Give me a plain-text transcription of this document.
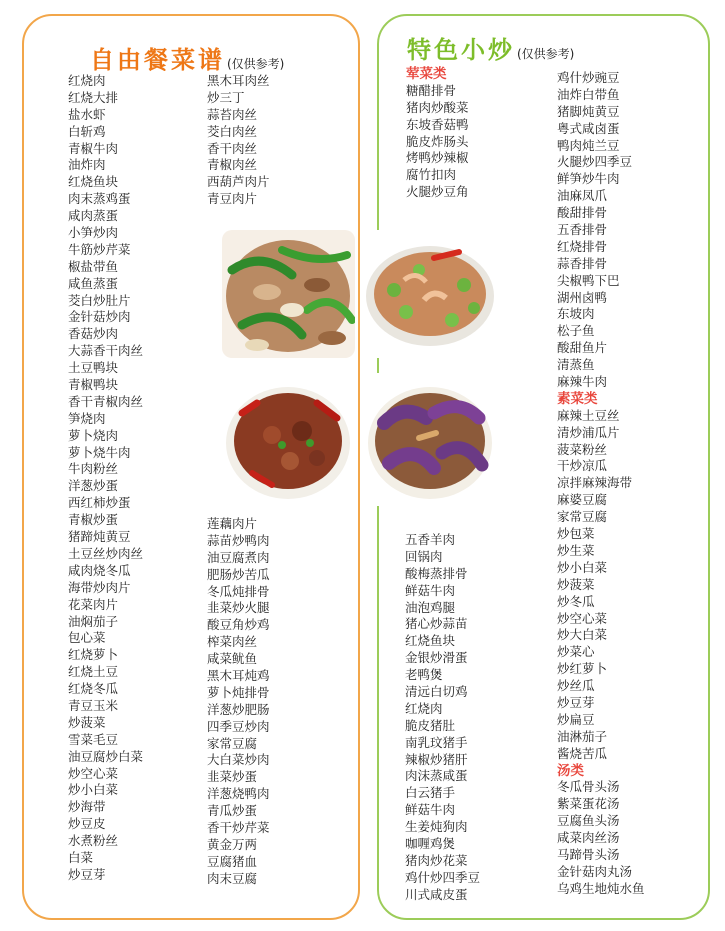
自由餐菜谱 (仅供参考)	特色小炒 (仅供参考)
红烧肉
红烧大排
盐水虾
白斩鸡
青椒牛肉
油炸肉
红烧鱼块
肉末蒸鸡蛋
咸肉蒸蛋
小笋炒肉
牛筋炒芹菜
椒盐带鱼
咸鱼蒸蛋
茭白炒肚片
金针菇炒肉
香菇炒肉
大蒜香干肉丝
土豆鸭块
青椒鸭块
香干青椒肉丝
笋烧肉
萝卜烧肉
萝卜烧牛肉
牛肉粉丝
洋葱炒蛋
西红柿炒蛋
青椒炒蛋
猪蹄炖黄豆
土豆丝炒肉丝
咸肉烧冬瓜
海带炒肉片
花菜肉片
油焖茄子
包心菜
红烧萝卜
红烧土豆
红烧冬瓜
青豆玉米
炒菠菜
雪菜毛豆
油豆腐炒白菜
炒空心菜
炒小白菜
炒海带
炒豆皮
水煮粉丝
白菜
炒豆芽
黑木耳肉丝
炒三丁
蒜苔肉丝
茭白肉丝
香干肉丝
青椒肉丝
西葫芦肉片
青豆肉片
莲藕肉片
蒜苗炒鸭肉
油豆腐煮肉
肥肠炒苦瓜
冬瓜炖排骨
韭菜炒火腿
酸豆角炒鸡
榨菜肉丝
咸菜鱿鱼
黑木耳炖鸡
萝卜炖排骨
洋葱炒肥肠
四季豆炒肉
家常豆腐
大白菜炒肉
韭菜炒蛋
洋葱烧鸭肉
青瓜炒蛋
香干炒芹菜
黄金万两
豆腐猪血
肉末豆腐
荤菜类
糖醋排骨
猪肉炒酸菜
东坡香菇鸭
脆皮炸肠头
烤鸭炒辣椒
腐竹扣肉
火腿炒豆角
五香羊肉
回锅肉
酸梅蒸排骨
鲜菇牛肉
油泡鸡腿
猪心炒蒜苗
红烧鱼块
金银炒滑蛋
老鸭煲
清远白切鸡
红烧肉
脆皮猪肚
南乳玟猪手
辣椒炒猪肝
肉沫蒸咸蛋
白云猪手
鲜菇牛肉
生姜炖狗肉
咖喱鸡煲
猪肉炒花菜
鸡什炒四季豆
川式咸皮蛋
鸡什炒豌豆
油炸白带鱼
猪脚炖黄豆
粤式咸卤蛋
鸭肉炖兰豆
火腿炒四季豆
鲜笋炒牛肉
油麻凤爪
酸甜排骨
五香排骨
红烧排骨
蒜香排骨
尖椒鸭下巴
湖州卤鸭
东坡肉
松子鱼
酸甜鱼片
清蒸鱼
麻辣牛肉
素菜类
麻辣土豆丝
清炒浦瓜片
菠菜粉丝
干炒凉瓜
凉拌麻辣海带
麻婆豆腐
家常豆腐
炒包菜
炒生菜
炒小白菜
炒菠菜
炒冬瓜
炒空心菜
炒大白菜
炒菜心
炒红萝卜
炒丝瓜
炒豆芽
炒扁豆
油淋茄子
酱烧苦瓜
汤类
冬瓜骨头汤
紫菜蛋花汤
豆腐鱼头汤
咸菜肉丝汤
马蹄骨头汤
金针菇肉丸汤
乌鸡生地炖水鱼
